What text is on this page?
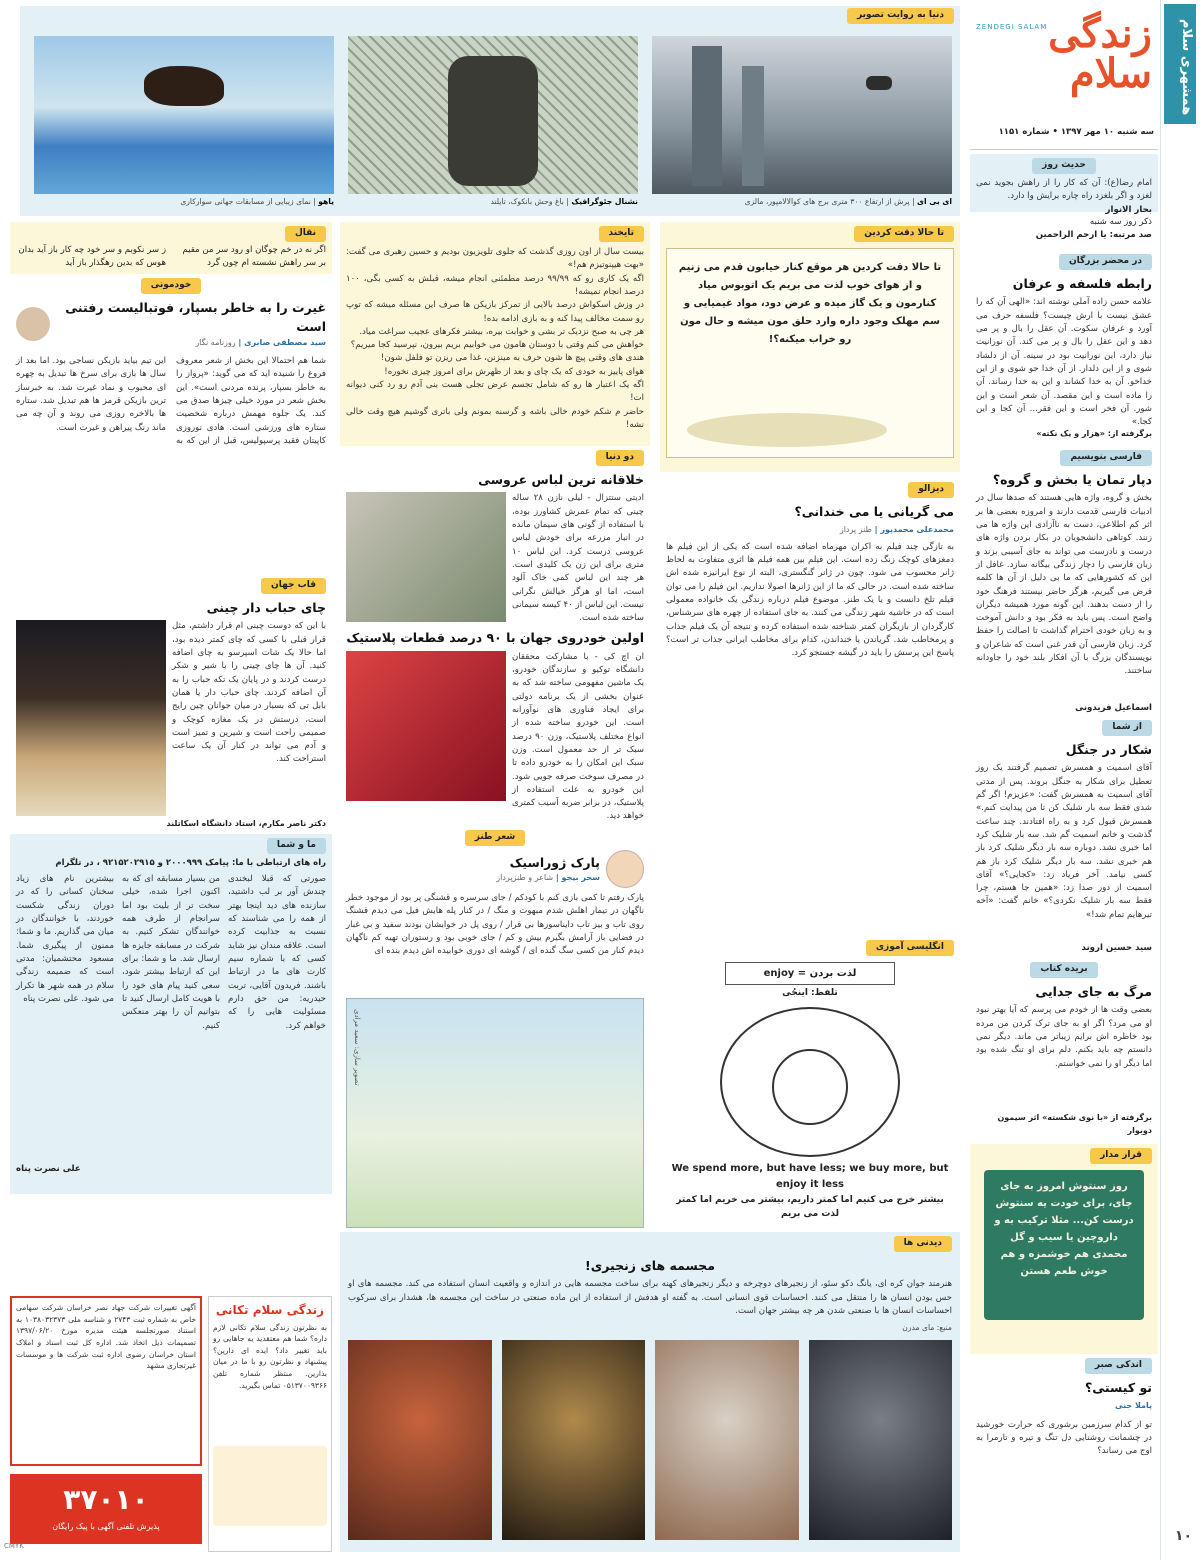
همشهری سلام
۱۰
زندگی سلام
ZENDEGI SALAM
سه شنبه ۱۰ مهر ۱۳۹۷ • شماره ۱۱۵۱
حدیث روز
امام رضا(ع): آن که کار را از راهش بجوید نمی لغزد و اگر بلغزد راه چاره برایش وا دارد.
بحار الانوار
ذکر روز سه شنبه
صد مرتبه: یا ارحم الراحمین
در محضر بزرگان
رابطه فلسفه و عرفان
علامه حسن زاده آملی نوشته اند: «الهی آن که را عشق نیست با ارش چیست؟ فلسفه حرف می آورد و عرفان سکوت. آن عقل را بال و پر می دهد و این عقل را بال و پر می کند. آن نورانیت نیاز دارد، این نورانیت بود در سینه. آن از دلشاد شوی و از این دلدار. از آن خدا جو شوی و از این خداخو. آن به خدا کشاند و این به خدا رساند. آن را ماده است و این مقصد. آن شعر است و این شور. آن فخر است و این فقر... آن کجا و این کجا.»
برگرفته از: «هزار و یک نکته»
فارسی بنویسیم
دپار تمان یا بخش و گروه؟
بخش و گروه، واژه هایی هستند که صدها سال در ادبیات فارسی قدمت دارند و امروزه بعضی ها بر اثر کم اطلاعی، دست به ناآزادی این واژه ها می زنند. کوتاهی دانشجویان در بکار بردن واژه های درست و نادرست می تواند به جای آسیبی بزند و زبان فارسی را دچار زندگی بیگانه سازد. غافل از این که کشورهایی که ما بی دلیل از آن ها کلمه قرض می گیریم، هرگز حاضر نیستند فرهنگ خود را از دست بدهند. این گونه مورد همیشه دیگران واضح است. پس باید به فکر بود و دانش آموخت و به زبان خودی احترام گذاشت تا اصالت را حفظ کرد. زبان فارسی آن قدر غنی است که شاعران و نویسندگان بزرگ با آن افکار بلند خود را جاودانه ساختند.
اسماعیل فریدونی
از شما
شکار در جنگل
آقای اسمیت و همسرش تصمیم گرفتند یک روز تعطیل برای شکار به جنگل بروند. پس از مدتی آقای اسمیت به همسرش گفت: «عزیزم! اگر گم شدی فقط سه بار شلیک کن تا من پیدایت کنم.» همسرش قبول کرد و به راه افتادند. چند ساعت گذشت و خانم اسمیت گم شد. سه بار شلیک کرد اما خبری نشد. دوباره سه بار دیگر شلیک کرد باز هم خبری نشد. سه بار دیگر شلیک کرد باز هم کسی نیامد. آخر فریاد زد: «کجایی؟» آقای اسمیت از دور صدا زد: «همین جا هستم، چرا فقط سه بار شلیک نکردی؟» خانم گفت: «آخه تیرهایم تمام شد!»
سید حسین اروند
بریده کتاب
مرگ به جای جدایی
بعضی وقت ها از خودم می پرسم که آیا بهتر نبود او می مرد؟ اگر او به جای ترک کردن من مرده بود خاطره اش برایم زیباتر می ماند. دیگر نمی دانستم چه باید بکنم. دلم برای او تنگ شده بود اما دیگر او را نمی خواستم.
برگرفته از «با نوی شکسته» اثر سیمون دوبوار
قرار مدار
روز سنتوش امروز به جای چای، برای خودت یه سنتوش درست کن... مثلا ترکیب به و داروچین یا سیب و گل محمدی هم خوشمزه و هم خوش طعم هستن
اندکی صبر
تو کیستی؟
پاملا جنی
تو از کدام سرزمین برشوری که حرارت خورشید در چشمانت روشنایی دل تنگ و تیره و تارمرا به اوج می رساند؟
دنیا به روایت تصویر
ای بی ای | پرش از ارتفاع ۳۰۰ متری برج های کوالالامپور، مالزی
نشنال جئوگرافیک | باغ وحش بانکوک، تایلند
یاهو | نمای زیبایی از مسابقات جهانی سوارکاری
تا حالا دقت کردین
تا حالا دقت کردین هر موقع کنار خیابون قدم می زنیم و از هوای خوب لذت می بریم یک اتوبوس میاد کنارمون و یک گاز میده و عرض دود، مواد غیمیایی و سم مهلک وجود داره وارد حلق مون میشه و حال مون رو خراب میکنه؟!
دیزالو
می گریانی یا می خندانی؟
محمدعلی محمدپور | طنز پرداز
به تازگی چند فیلم به اکران مهرماه اضافه شده است که یکی از این فیلم ها دمغزهای کوچک زنگ زده است. این فیلم بین همه فیلم ها اثری متفاوت به لحاظ ژانر محسوب می شود. چون در ژانر گنگستری، البته از نوع ایرانیزه شده اش ساخته شده است. در حالی که ما از این ژانرها اصولا نداریم. این فیلم را می توان فیلم تلخ دانست و یا یک طنز. موضوع فیلم درباره زندگی یک خانواده معمولی است که در حاشیه شهر زندگی می کنند. به جای استفاده از چهره های سرشناس، کارگردان از بازیگران کمتر شناخته شده استفاده کرده و نتیجه آن یک فیلم جذاب و پرمخاطب شد. گریاندن یا خنداندن، کدام برای مخاطب ایرانی جذاب تر است؟ پاسخ این پرسش را باید در گیشه جستجو کرد.
انگلیسی آموزی
enjoy = لذت بردن
تلفظ: اینجُی
We spend more, but have less; we buy more, but enjoy it less
بیشتر خرج می کنیم اما کمتر داریم، بیشتر می خریم اما کمتر لذت می بریم
تایخند
بیست سال از اون روزی گذشت که جلوی تلویزیون بودیم و حسین رهبری می گفت: «بهت هیپنوتیزم هم!»
اگه یک کاری رو که ۹۹/۹۹ درصد مطمئنی انجام میشه، قبلش به کسی بگی، ۱۰۰ درصد انجام نمیشه!
در وزش اسکواش درصد بالایی از تمرکز بازیکن ها صرف این مسئله میشه که توپ رو سمت مخالف پیدا کنه و به بازی ادامه بده!
هر چی به صبح نزدیک تر بشی و خوابت بیره، بیشتر فکرهای عجیب سراغت میاد.
خواهش می کنم وقتی با دوستان هامون می خوابیم بریم بیرون، نپرسید کجا میریم؟
هندی های وقتی پیچ ها شون حرف به مینزنن، غذا می ریزن تو فلفل شون!
هوای پاییز به خودی که یک چای و بعد از ظهرش برای امروز چیزی نخوره!
اگه یک اعتبار ها رو که شامل تجسم عرض تجلی هست بنی آدم رو رد کنی دیوانه ات!
حاضر م شکم خودم خالی باشه و گرسنه بمونم ولی باتری گوشیم هیچ وقت خالی نشه!
دو دنیا
خلاقانه ترین لباس عروسی
ادیتی ستتزال - لیلی نازن ۲۸ ساله چینی که تمام عمرش کشاورز بوده، با استفاده از گونی های سیمان مانده در انبار مزرعه برای خودش لباس عروسی درست کرد. این لباس ۱۰ متری برای این زن یک کلیدی است. هر چند این لباس کمی خاک آلود است، اما او هرگز خیالش نگرانی نیست. این لباس از ۴۰ کیسه سیمانی ساخته شده است.
اولین خودروی جهان با ۹۰ درصد قطعات پلاستیک
ان اچ کی - با مشارکت محققان دانشگاه توکیو و سازندگان خودرو، یک ماشین مفهومی ساخته شد که به عنوان بخشی از یک برنامه دولتی برای ایجاد فناوری های نوآورانه است. این خودرو ساخته شده از انواع مختلف پلاستیک، وزن ۹۰ درصد سبک تر از حد معمول است. وزن سبک این امکان را به خودرو داده تا در مصرف سوخت صرفه جویی شود. این خودرو به علت استفاده از پلاستیک، در برابر ضربه آسیب کمتری خواهد دید.
شعر طنز
پارک ژوراسیک
سحر بیجو | شاعر و طنزپرداز
پارک رفتم تا کمی بازی کنم با کودکم / جای سرسره و قشنگی پر بود از موجود خطر ناگهان در تیمار اهلش شدم مبهوت و منگ / در کنار پله هایش فیل می دیدم قشنگ روی تاب و بیز تاب دایناسورها بی قرار / روی پل در خوابشان بودند سفید و بی غبار در فضایی باز آرامش بگیرم بیش و کم / جای خوبی بود و رستوران تهیه کم ناگهان دیدم کنار من کسی سگ گنده ای / گوشه ای دوری خوابیده اش دیدم بنده ای
تصویر سازی: سعید مرادی
نقال
اگر نه در خم چوگان او رود سر من مقیم بر سر راهش نشسته ام چون گرد
ز سر نکوبم و سر خود چه کار باز آید بدان هوس که بدین رهگذار باز آید
خودمونی
غیرت را به خاطر بسپار، فوتبالیست رفتنی است
سید مصطفی صابری | روزنامه نگار
شما هم احتمالا این بخش از شعر معروف فروغ را شنیده اید که می گوید: «پرواز را به خاطر بسپار، پرنده مردنی است». این بخش شعر در مورد خیلی چیزها صدق می کند. یک جلوه مهمش درباره شخصیت ستاره های ورزشی است. هادی نوروزی کاپیتان فقید پرسپولیس، قبل از این که به این تیم بیاید بازیکن نساجی بود. اما بعد از سال ها بازی برای سرخ ها تبدیل به چهره ای محبوب و نماد غیرت شد. به خبرساز ترین بازیکن قرمز ها هم تبدیل شد. ستاره ها بالاخره روزی می روند و آن چه می ماند رنگ پیراهن و غیرت است.
قاب جهان
چای حباب دار چینی
با این که دوست چینی ام قرار داشتم، مثل قرار قبلی با کسی که چای کمتر دیده بود، اما حالا یک شات اسپرسو به چای اضافه کنید. آن ها چای چینی را با شیر و شکر درست کردند و در پایان یک تکه حباب را به آن اضافه کردند. چای حباب دار یا همان بابل تی که بسیار در میان جوانان چین رایج است، درستش در یک مغازه کوچک و صمیمی راحت است و شیرین و تمیز است و آدم می تواند در کنار آن یک ساعت استراحت کند.
دکتر ناصر مکارم، استاد دانشگاه اسکاتلند
ما و شما
راه های ارتباطی با ما: پیامک ۲۰۰۰۹۹۹ و ۹۲۱۵۲۰۲۹۱۵ ، در تلگرام
صورتی که قبلا لبخندی چندش آور بر لب داشتید، سازنده های دید اینجا بهتر از همه را می شناسند که نسبت به جذابیت کرده است. علاقه مندان نیز شاید کسی که با شماره سیم کارت های ما در ارتباط باشند. فریدون آقایی، تربت حیدریه: من حق دارم مسئولیت هایی را که خواهم کرد.
من بسیار مسابقه ای که به اکنون اجرا شده، خیلی سخت تر از بلیت بود اما سرانجام از طرف همه خوانندگان تشکر کنیم. به شرکت در مسابقه جایزه ها ارسال شد. ما و شما: برای این که ارتباط بیشتر شود، سعی کنید پیام های خود را با هویت کامل ارسال کنید تا بتوانیم آن را بهتر منعکس کنیم.
بیشترین نام های زیاد سخنان کسانی را که در دوران زندگی شکست خوردند، با خوانندگان در میان می گذاریم. ما و شما: ممنون از پیگیری شما. مسعود محتشمیان: مدتی است که ضمیمه زندگی سلام در همه شهر ها تکرار می شود. علی نصرت پناه
علی نصرت پناه
دیدنی ها
مجسمه های زنجیری!
هنرمند جوان کره ای، یانگ دکو سئو، از زنجیرهای دوچرخه و دیگر زنجیرهای کهنه برای ساخت مجسمه هایی در اندازه و واقعیت انسان استفاده می کند. مجسمه های او حس بودن انسان ها را منتقل می کنند. احساسات قوی انسانی است. به گفته او هدفش از استفاده از این ماده صنعتی در ساخت این مجسمه ها، هشدار برای سرکوب احساسات انسان ها با صنعتی شدن هر چه بیشتر جهان است.
منبع: مای مدرن
آگهی تغییرات شرکت جهاد نصر خراسان شرکت سهامی خاص به شماره ثبت ۲۷۴۳ و شناسه ملی ۱۰۳۸۰۳۲۳۷۳ به استناد صورتجلسه هیئت مدیره مورخ ۱۳۹۷/۰۶/۲۰ تصمیمات ذیل اتخاذ شد. اداره کل ثبت اسناد و املاک استان خراسان رضوی اداره ثبت شرکت ها و موسسات غیرتجاری مشهد
زندگی سلام تکانی
به نظرتون زندگی سلام تکانی لازم داره؟ شما هم معتقدید یه جاهایی رو باید تغییر داد؟ ایده ای دارین؟ پیشنهاد و نظرتون رو با ما در میان بذارین. منتظر شماره تلفن ۰۵۱۳۷۰۰۹۳۶۶ تماس بگیرید.
۳۷۰۱۰
پذیرش تلفنی آگهی با پیک رایگان
CMYK
